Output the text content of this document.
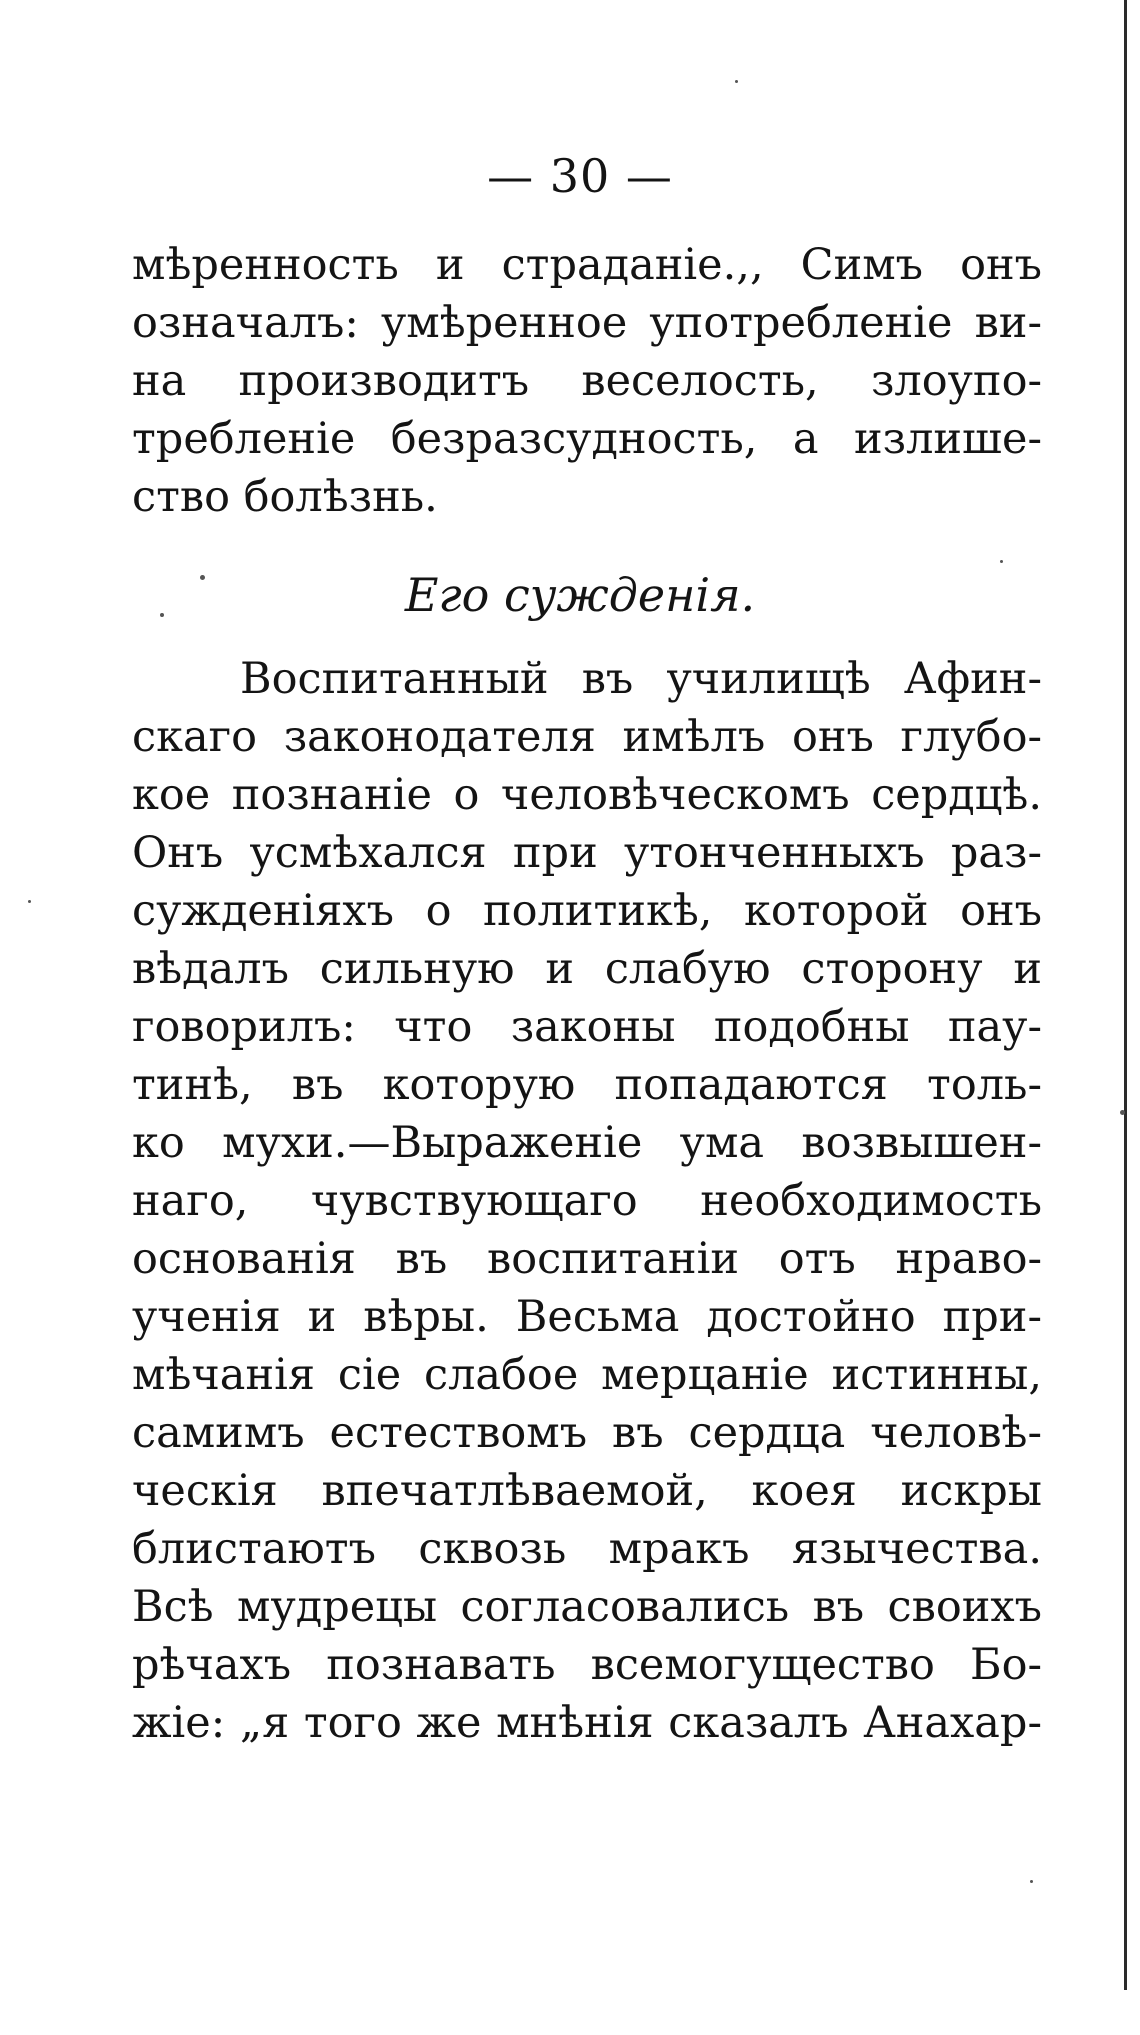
— 30 —
мѣренность и страданіе.,, Симъ онъ
означалъ: умѣренное употребленіе ви-
на производитъ веселость, злоупо-
требленіе безразсудность, а излише-
ство болѣзнь.
Его сужденія.
Воспитанный въ училищѣ Афин-
скаго законодателя имѣлъ онъ глубо-
кое познаніе о человѣческомъ сердцѣ.
Онъ усмѣхался при утонченныхъ раз-
сужденіяхъ о политикѣ, которой онъ
вѣдалъ сильную и слабую сторону и
говорилъ: что законы подобны пау-
тинѣ, въ которую попадаются толь-
ко мухи.—Выраженіе ума возвышен-
наго, чувствующаго необходимость
основанія въ воспитаніи отъ нраво-
ученія и вѣры. Весьма достойно при-
мѣчанія сіе слабое мерцаніе истинны,
самимъ естествомъ въ сердца человѣ-
ческія впечатлѣваемой, коея искры
блистаютъ сквозь мракъ язычества.
Всѣ мудрецы согласовались въ своихъ
рѣчахъ познавать всемогущество Бо-
жіе: „я того же мнѣнія сказалъ Анахар-
